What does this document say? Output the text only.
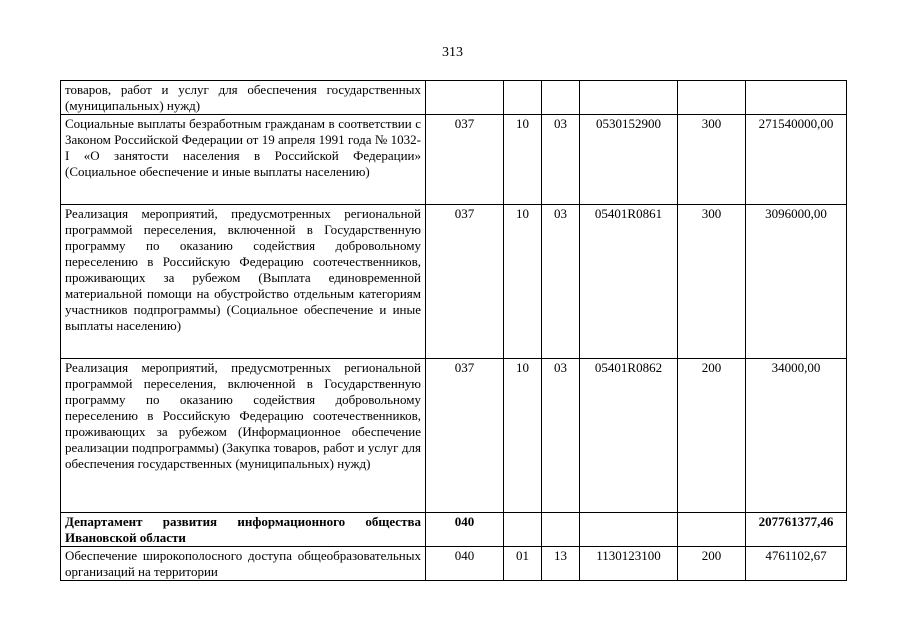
313
товаров, работ и услуг для обеспечения государственных (муниципальных) нужд)						
Социальные выплаты безработным гражданам в соответствии с Законом Российской Федерации от 19 апреля 1991 года № 1032-I «О занятости населения в Российской Федерации» (Социальное обеспечение и иные выплаты населению)	037	10	03	0530152900	300	271540000,00
Реализация мероприятий, предусмотренных региональной программой переселения, включенной в Государственную программу по оказанию содействия добровольному переселению в Российскую Федерацию соотечественников, проживающих за рубежом (Выплата единовременной материальной помощи на обустройство отдельным категориям участников подпрограммы) (Социальное обеспечение и иные выплаты населению)	037	10	03	05401R0861	300	3096000,00
Реализация мероприятий, предусмотренных региональной программой переселения, включенной в Государственную программу по оказанию содействия добровольному переселению в Российскую Федерацию соотечественников, проживающих за рубежом (Информационное обеспечение реализации подпрограммы) (Закупка товаров, работ и услуг для обеспечения государственных (муниципальных) нужд)	037	10	03	05401R0862	200	34000,00
Департамент развития информационного общества Ивановской области	040					207761377,46
Обеспечение широкополосного доступа общеобразовательных организаций на территории	040	01	13	1130123100	200	4761102,67
